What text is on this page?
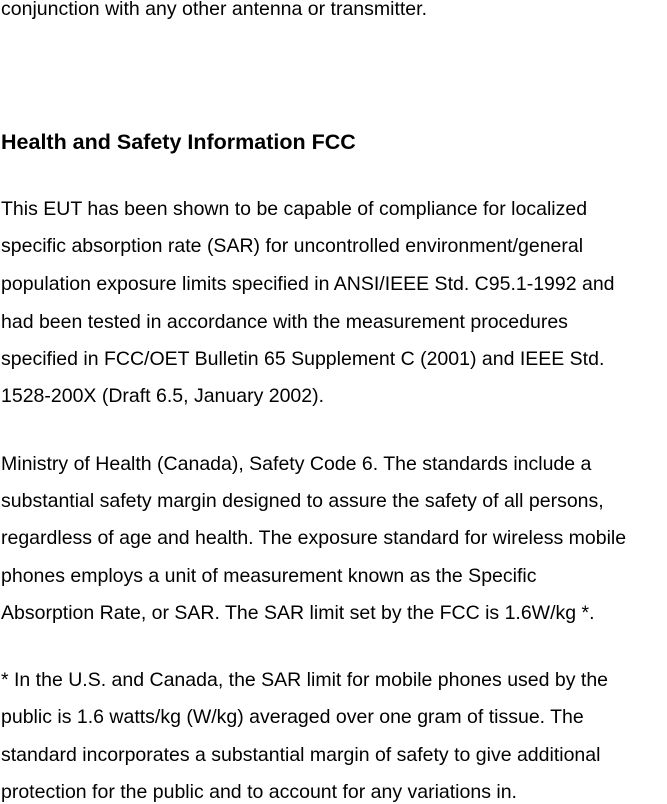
conjunction with any other antenna or transmitter.
Health and Safety Information FCC
This EUT has been shown to be capable of compliance for localized
specific absorption rate (SAR) for uncontrolled environment/general
population exposure limits specified in ANSI/IEEE Std. C95.1-1992 and
had been tested in accordance with the measurement procedures
specified in FCC/OET Bulletin 65 Supplement C (2001) and IEEE Std.
1528-200X (Draft 6.5, January 2002).
Ministry of Health (Canada), Safety Code 6. The standards include a
substantial safety margin designed to assure the safety of all persons,
regardless of age and health. The exposure standard for wireless mobile
phones employs a unit of measurement known as the Specific
Absorption Rate, or SAR. The SAR limit set by the FCC is 1.6W/kg *.
* In the U.S. and Canada, the SAR limit for mobile phones used by the
public is 1.6 watts/kg (W/kg) averaged over one gram of tissue. The
standard incorporates a substantial margin of safety to give additional
protection for the public and to account for any variations in.
